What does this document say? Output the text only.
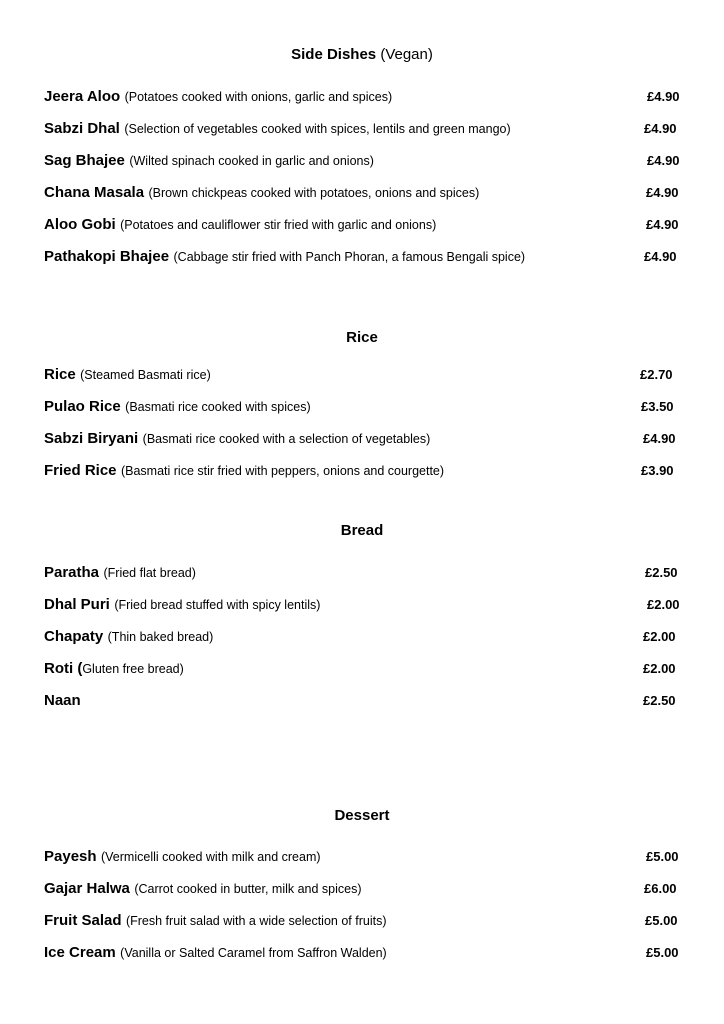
Side Dishes (Vegan)
Jeera Aloo (Potatoes cooked with onions, garlic and spices)	£4.90
Sabzi Dhal (Selection of vegetables cooked with spices, lentils and green mango)	£4.90
Sag Bhajee (Wilted spinach cooked in garlic and onions)	£4.90
Chana Masala (Brown chickpeas cooked with potatoes, onions and spices)	£4.90
Aloo Gobi (Potatoes and cauliflower stir fried with garlic and onions)	£4.90
Pathakopi Bhajee (Cabbage stir fried with Panch Phoran, a famous Bengali spice)	£4.90
Rice
Rice (Steamed Basmati rice)	£2.70
Pulao Rice (Basmati rice cooked with spices)	£3.50
Sabzi Biryani (Basmati rice cooked with a selection of vegetables)	£4.90
Fried Rice (Basmati rice stir fried with peppers, onions and courgette)	£3.90
Bread
Paratha (Fried flat bread)	£2.50
Dhal Puri (Fried bread stuffed with spicy lentils)	£2.00
Chapaty (Thin baked bread)	£2.00
Roti (Gluten free bread)	£2.00
Naan	£2.50
Dessert
Payesh (Vermicelli cooked with milk and cream)	£5.00
Gajar Halwa (Carrot cooked in butter, milk and spices)	£6.00
Fruit Salad (Fresh fruit salad with a wide selection of fruits)	£5.00
Ice Cream (Vanilla or Salted Caramel from Saffron Walden)	£5.00
